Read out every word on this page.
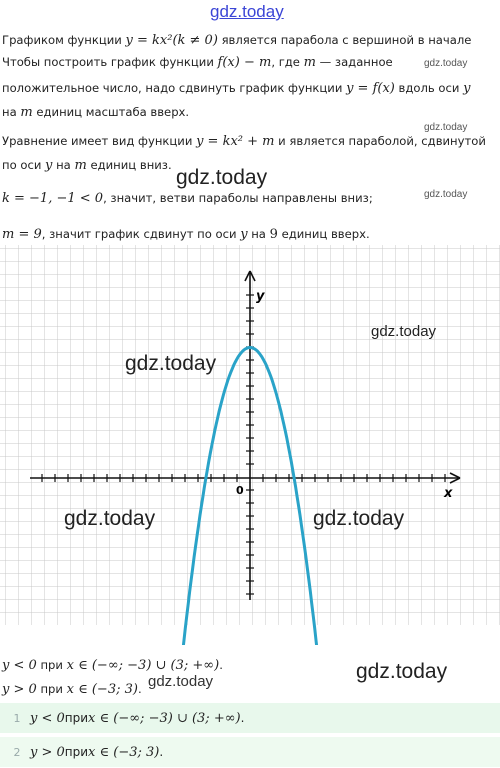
gdz.today
Графиком функции y = kx²(k ≠ 0) является парабола с вершиной в начале
Чтобы построить график функции f(x) − m, где m — заданное	gdz.today
положительное число, надо сдвинуть график функции y = f(x) вдоль оси y
на m единиц масштаба вверх.
gdz.today
Уравнение имеет вид функции y = kx² + m и является параболой, сдвинутой
по оси y на m единиц вниз.
gdz.today
k = −1, −1 < 0, значит, ветви параболы направлены вниз;	gdz.today
m = 9, значит график сдвинут по оси y на 9 единиц вверх.
y
x
0
gdz.today
gdz.today
gdz.today	gdz.today
y < 0 при x ∈ (−∞; −3) ∪ (3; +∞).	gdz.today
y > 0 при x ∈ (−3; 3). gdz.today
1 y < 0 при x ∈ (−∞; −3) ∪ (3; +∞) .
2 y > 0 при x ∈ (−3; 3) .
